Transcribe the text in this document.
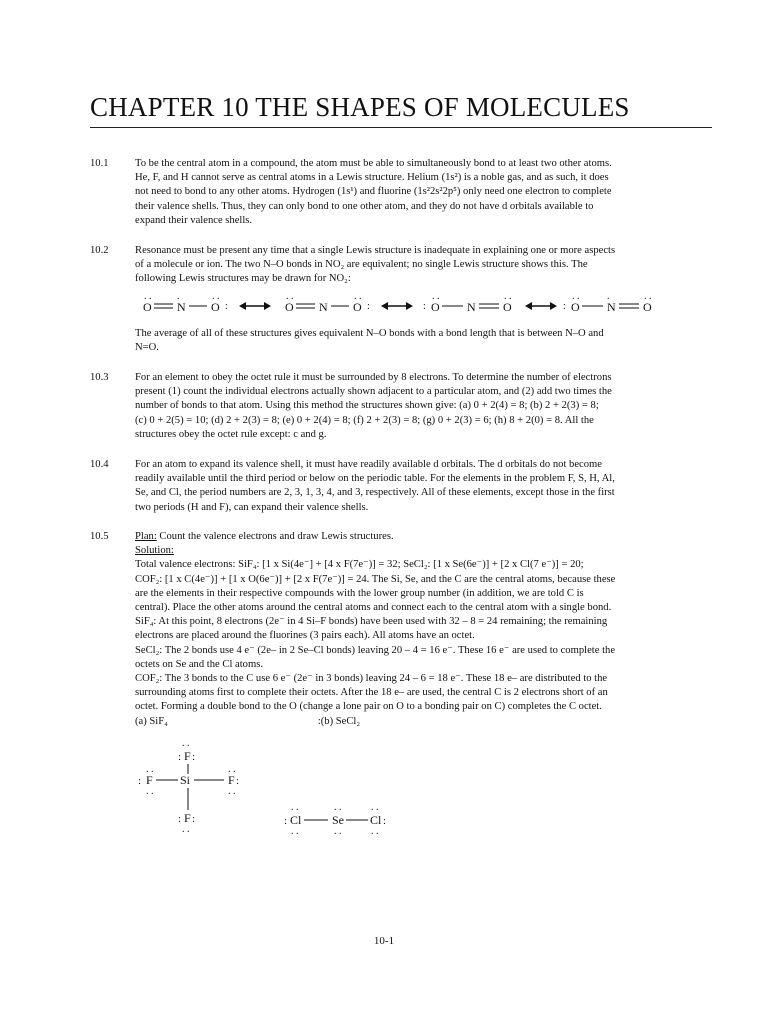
CHAPTER 10 THE SHAPES OF MOLECULES
10.1 To be the central atom in a compound, the atom must be able to simultaneously bond to at least two other atoms.

He, F, and H cannot serve as central atoms in a Lewis structure. Helium (1s²) is a noble gas, and as such, it does

not need to bond to any other atoms. Hydrogen (1s¹) and fluorine (1s²2s²2p⁵) only need one electron to complete

their valence shells. Thus, they can only bond to one other atom, and they do not have d orbitals available to

expand their valence shells.

10.2 Resonance must be present any time that a single Lewis structure is inadequate in explaining one or more aspects

of a molecule or ion. The two N–O bonds in NO₂ are equivalent; no single Lewis structure shows this. The

following Lewis structures may be drawn for NO₂:

O N O
. .	. .
:
.
O N O
. .	. .
:	: O N O
. .	. .
: O N O
. .	. .
.

The average of all of these structures gives equivalent N–O bonds with a bond length that is between N–O and

N=O.

10.3 For an element to obey the octet rule it must be surrounded by 8 electrons. To determine the number of electrons

present (1) count the individual electrons actually shown adjacent to a particular atom, and (2) add two times the

number of bonds to that atom. Using this method the structures shown give: (a) 0 + 2(4) = 8; (b) 2 + 2(3) = 8;

(c) 0 + 2(5) = 10; (d) 2 + 2(3) = 8; (e) 0 + 2(4) = 8; (f) 2 + 2(3) = 8; (g) 0 + 2(3) = 6; (h) 8 + 2(0) = 8. All the

structures obey the octet rule except: c and g.

10.4 For an atom to expand its valence shell, it must have readily available d orbitals. The d orbitals do not become

readily available until the third period or below on the periodic table. For the elements in the problem F, S, H, Al,

Se, and Cl, the period numbers are 2, 3, 1, 3, 4, and 3, respectively. All of these elements, except those in the first

two periods (H and F), can expand their valence shells.

10.5 Plan: Count the valence electrons and draw Lewis structures.

Solution:

Total valence electrons: SiF₄: [1 x Si(4e⁻] + [4 x F(7e⁻)] = 32; SeCl₂: [1 x Se(6e⁻)] + [2 x Cl(7 e⁻)] = 20;

COF₂: [1 x C(4e⁻)] + [1 x O(6e⁻)] + [2 x F(7e⁻)] = 24. The Si, Se, and the C are the central atoms, because these

are the elements in their respective compounds with the lower group number (in addition, we are told C is

central). Place the other atoms around the central atoms and connect each to the central atom with a single bond.

SiF₄: At this point, 8 electrons (2e⁻ in 4 Si–F bonds) have been used with 32 – 8 = 24 remaining; the remaining

electrons are placed around the fluorines (3 pairs each). All atoms have an octet.

SeCl₂: The 2 bonds use 4 e⁻ (2e– in 2 Se–Cl bonds) leaving 20 – 4 = 16 e⁻. These 16 e⁻ are used to complete the

octets on Se and the Cl atoms.

COF₂: The 3 bonds to the C use 6 e⁻ (2e⁻ in 3 bonds) leaving 24 – 6 = 18 e⁻. These 18 e– are distributed to the

surrounding atoms first to complete their octets. After the 18 e– are used, the central C is 2 electrons short of an

octet. Forming a double bond to the O (change a lone pair on O to a bonding pair on C) completes the C octet.

(a) SiF₄	:(b) SeCl₂

. .
: F :
: F
. .
. .
Si	F :
. .
. .
: F :
. .
: Cl
. .
. .
Se
. .
. .
Cl :
. .
. .
10-1
